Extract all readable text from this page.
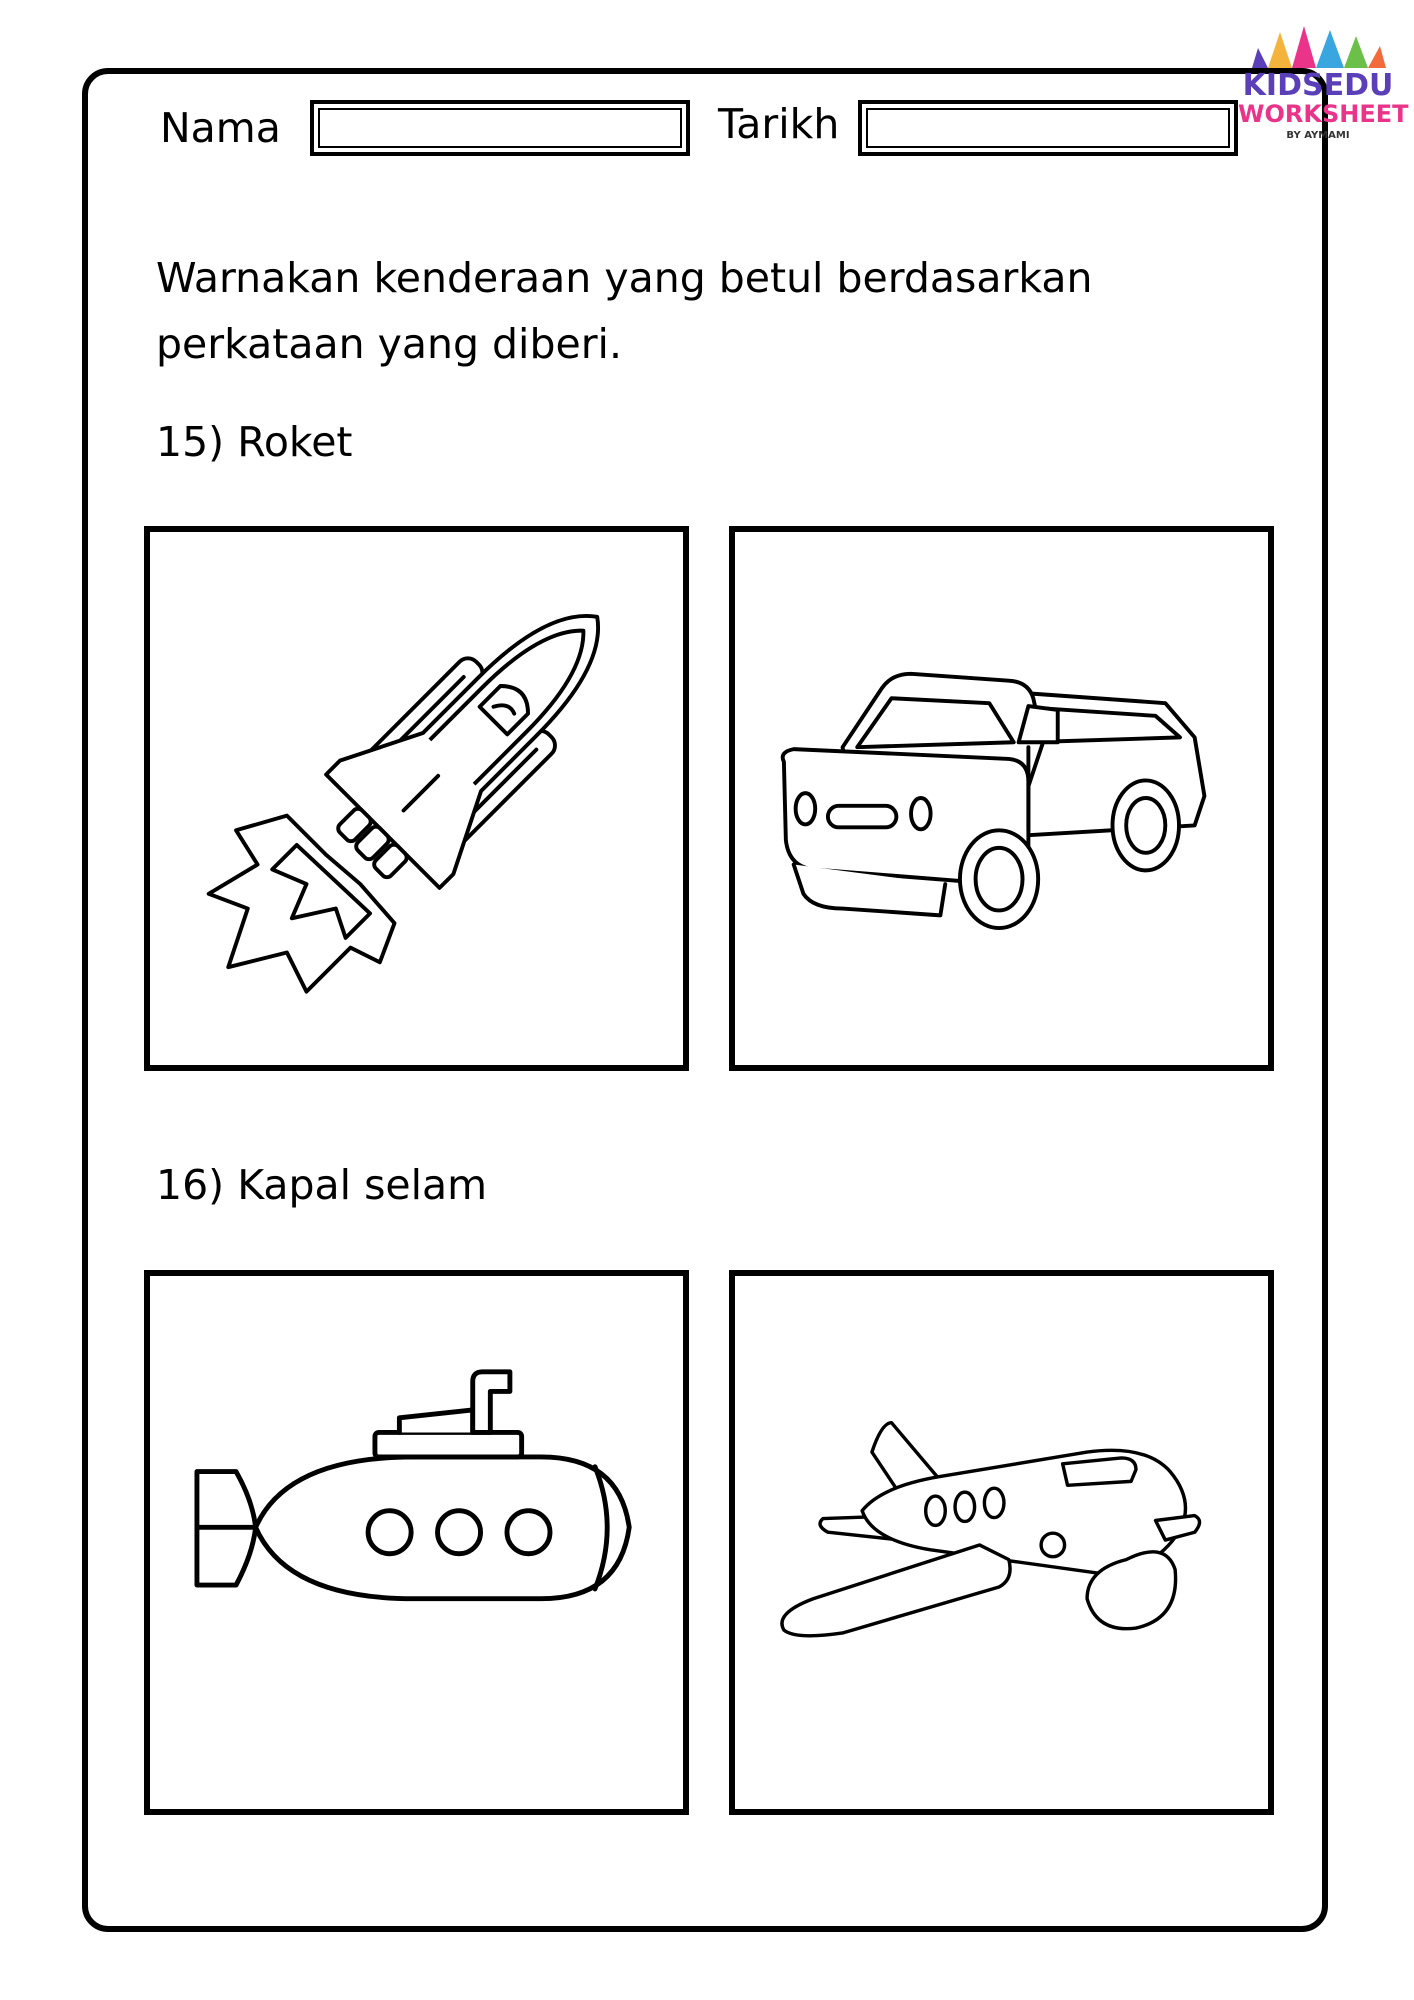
KIDSEDU
WORKSHEET
BY AYMAMI
Nama	Tarikh
Warnakan kenderaan yang betul berdasarkan
perkataan yang diberi.
15) Roket
16) Kapal selam
